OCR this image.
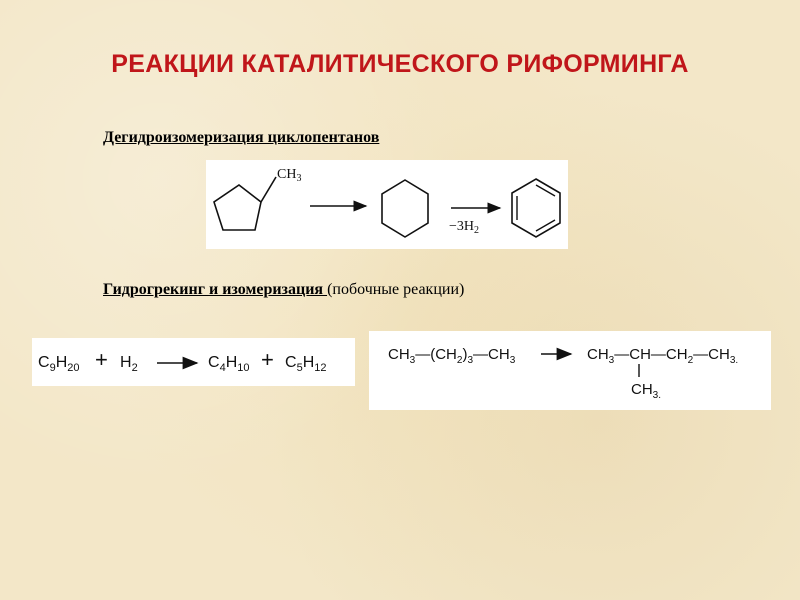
РЕАКЦИИ КАТАЛИТИЧЕСКОГО РИФОРМИНГА
Дегидроизомеризация циклопентанов
$CH_3$
$-3H_2$
Гидрогрекинг и изомеризация (побочные реакции)
$C_9H_{20} + H_2$	$C_4H_{10} + C_5H_{12}$
$CH_3—(CH_2)_3—CH_3$	$CH_3—CH—CH_2—CH_3$.
$CH_3$.
